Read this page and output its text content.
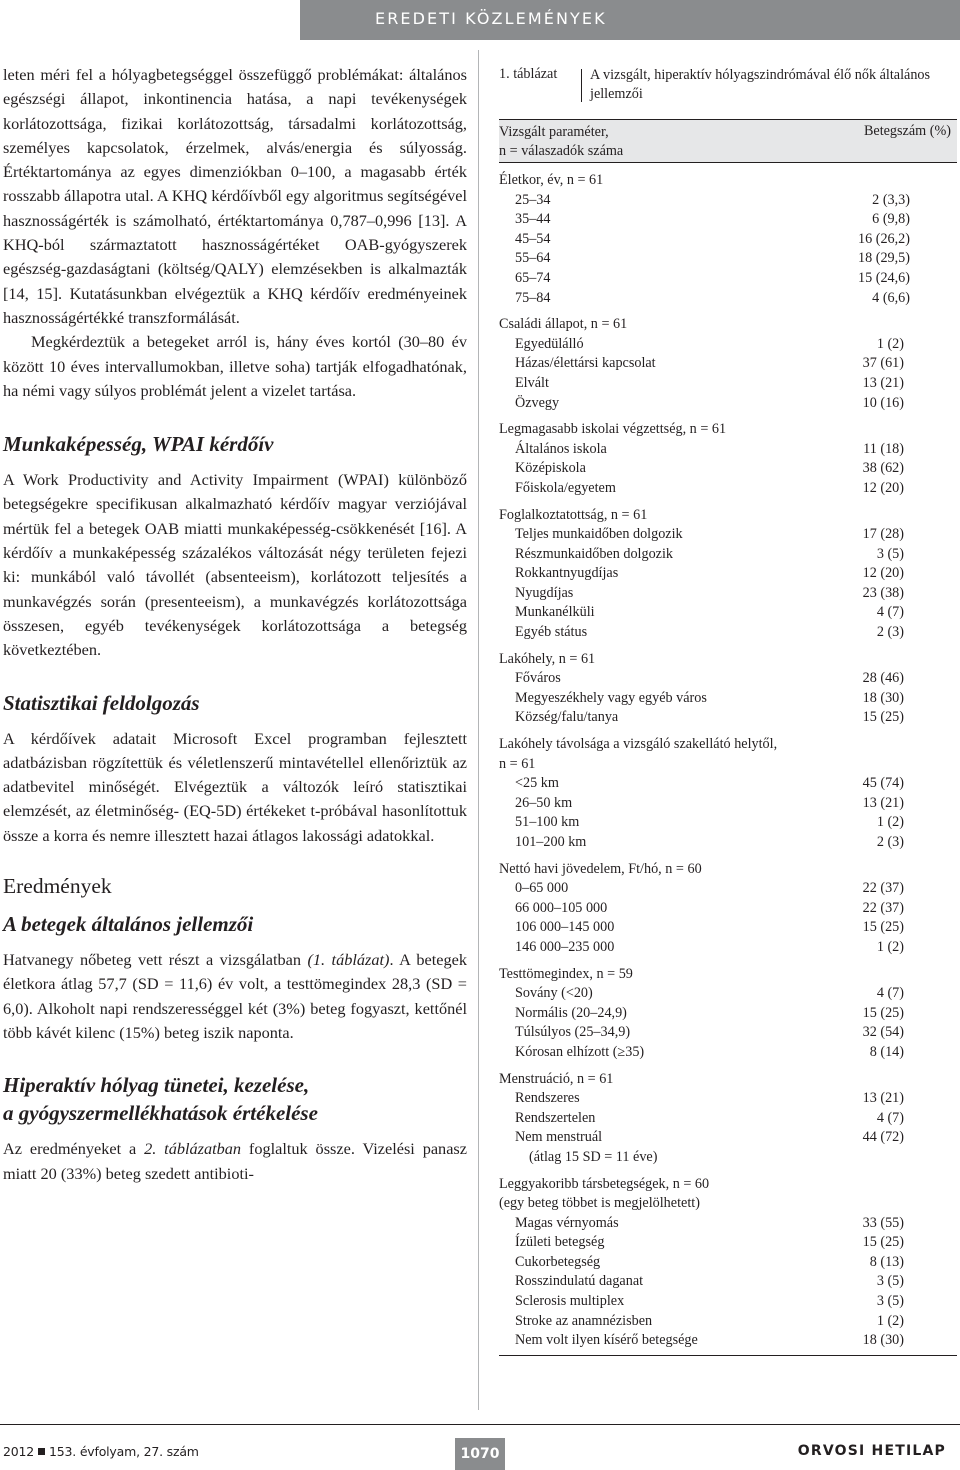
EREDETI KÖZLEMÉNYEK

leten méri fel a hólyagbetegséggel összefüggő problémákat: általános egészségi állapot, inkontinencia hatása, a napi tevékenységek korlátozottsága, fizikai korlátozottság, társadalmi korlátozottság, személyes kapcsolatok, érzelmek, alvás/energia és súlyosság. Értéktartománya az egyes dimenziókban 0–100, a magasabb érték rosszabb állapotra utal. A KHQ kérdőívből egy algoritmus segítségével hasznosságérték is számolható, értéktartománya 0,787–0,996 [13]. A KHQ-ból származtatott hasznosságértéket OAB-gyógyszerek egészség-gazdaságtani (költség/QALY) elemzésekben is alkalmazták [14, 15]. Kutatásunkban elvégeztük a KHQ kérdőív eredményeinek hasznosságértékké transzformálását.

Megkérdeztük a betegeket arról is, hány éves kortól (30–80 év között 10 éves intervallumokban, illetve soha) tartják elfogadhatónak, ha némi vagy súlyos problémát jelent a vizelet tartása.

Munkaképesség, WPAI kérdőív

A Work Productivity and Activity Impairment (WPAI) különböző betegségekre specifikusan alkalmazható kérdőív magyar verziójával mértük fel a betegek OAB miatti munkaképesség-csökkenését [16]. A kérdőív a munkaképesség százalékos változását négy területen fejezi ki: munkából való távollét (absenteeism), korlátozott teljesítés a munkavégzés során (presenteeism), a munkavégzés korlátozottsága összesen, egyéb tevékenységek korlátozottsága a betegség következtében.

Statisztikai feldolgozás

A kérdőívek adatait Microsoft Excel programban fejlesztett adatbázisban rögzítettük és véletlenszerű mintavétellel ellenőriztük az adatbevitel minőségét. Elvégeztük a változók leíró statisztikai elemzését, az életminőség- (EQ-5D) értékeket t-próbával hasonlítottuk össze a korra és nemre illesztett hazai átlagos lakossági adatokkal.

Eredmények
A betegek általános jellemzői

Hatvanegy nőbeteg vett részt a vizsgálatban (1. táblázat). A betegek életkora átlag 57,7 (SD = 11,6) év volt, a testtömegindex 28,3 (SD = 6,0). Alkoholt napi rendszerességgel két (3%) beteg fogyaszt, kettőnél több kávét kilenc (15%) beteg iszik naponta.

Hiperaktív hólyag tünetei, kezelése,
a gyógyszermellékhatások értékelése

Az eredményeket a 2. táblázatban foglaltuk össze. Vizelési panasz miatt 20 (33%) beteg szedett antibioti-

1. táblázat A vizsgált, hiperaktív hólyagszindrómával élő nők általános jellemzői
Vizsgált paraméter,
n = válaszadók száma
Betegszám (%)
Életkor, év, n = 61
25–34	2 (3,3)
35–44	6 (9,8)
45–54	16 (26,2)
55–64	18 (29,5)
65–74	15 (24,6)
75–84	4 (6,6)
Családi állapot, n = 61
Egyedülálló	1 (2)
Házas/élettársi kapcsolat	37 (61)
Elvált	13 (21)
Özvegy	10 (16)
Legmagasabb iskolai végzettség, n = 61
Általános iskola	11 (18)
Középiskola	38 (62)
Főiskola/egyetem	12 (20)
Foglalkoztatottság, n = 61
Teljes munkaidőben dolgozik	17 (28)
Részmunkaidőben dolgozik	3 (5)
Rokkantnyugdíjas	12 (20)
Nyugdíjas	23 (38)
Munkanélküli	4 (7)
Egyéb státus	2 (3)
Lakóhely, n = 61
Főváros	28 (46)
Megyeszékhely vagy egyéb város	18 (30)
Község/falu/tanya	15 (25)
Lakóhely távolsága a vizsgáló szakellátó helytől,
n = 61
<25 km	45 (74)
26–50 km	13 (21)
51–100 km	1 (2)
101–200 km	2 (3)
Nettó havi jövedelem, Ft/hó, n = 60
0–65 000	22 (37)
66 000–105 000	22 (37)
106 000–145 000	15 (25)
146 000–235 000	1 (2)
Testtömegindex, n = 59
Sovány (<20)	4 (7)
Normális (20–24,9)	15 (25)
Túlsúlyos (25–34,9)	32 (54)
Kórosan elhízott (≥35)	8 (14)
Menstruáció, n = 61
Rendszeres	13 (21)
Rendszertelen	4 (7)
Nem menstruál	44 (72)
(átlag 15 SD = 11 éve)
Leggyakoribb társbetegségek, n = 60
(egy beteg többet is megjelölhetett)
Magas vérnyomás	33 (55)
Ízületi betegség	15 (25)
Cukorbetegség	8 (13)
Rosszindulatú daganat	3 (5)
Sclerosis multiplex	3 (5)
Stroke az anamnézisben	1 (2)
Nem volt ilyen kísérő betegsége	18 (30)
2012 153. évfolyam, 27. szám	1070	ORVOSI HETILAP
